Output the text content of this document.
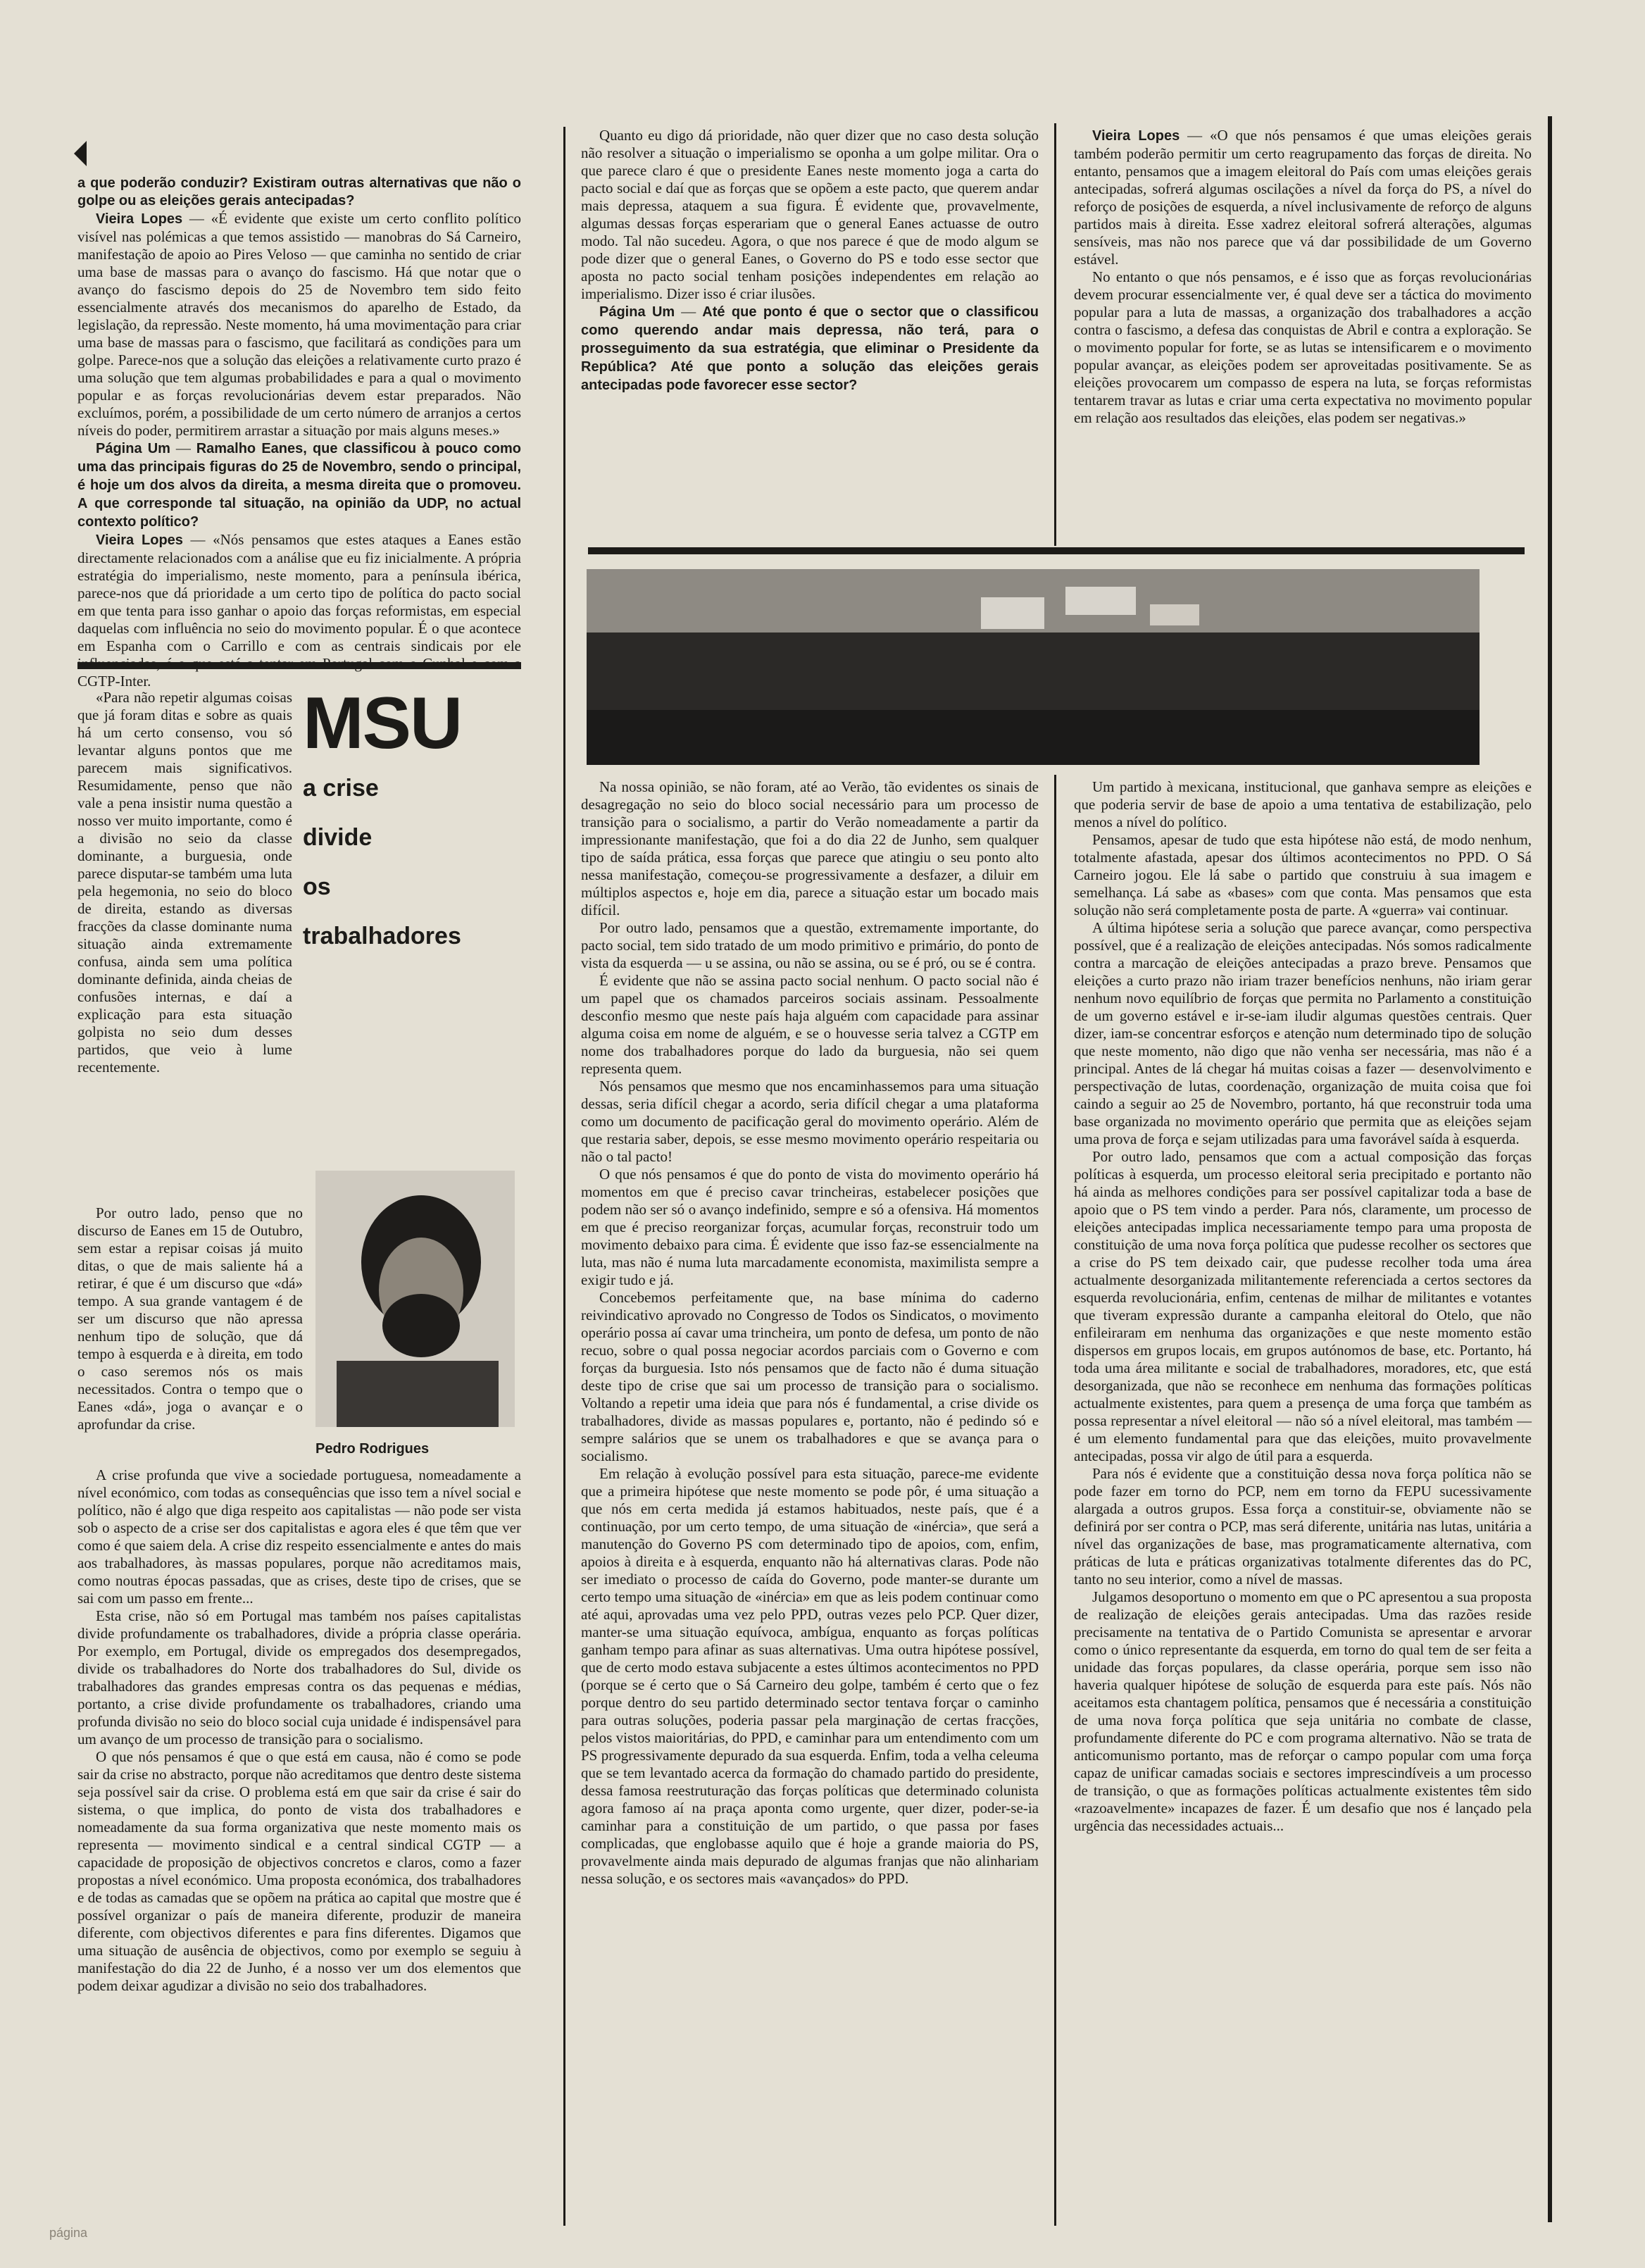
a que poderão conduzir? Existiram outras alternativas que não o golpe ou as eleições gerais antecipadas?

Vieira Lopes — «É evidente que existe um certo conflito político visível nas polémicas a que temos assistido — manobras do Sá Carneiro, manifestação de apoio ao Pires Veloso — que caminha no sentido de criar uma base de massas para o avanço do fascismo. Há que notar que o avanço do fascismo depois do 25 de Novembro tem sido feito essencialmente através dos mecanismos do aparelho de Estado, da legislação, da repressão. Neste momento, há uma movimentação para criar uma base de massas para o fascismo, que facilitará as condições para um golpe. Parece-nos que a solução das eleições a relativamente curto prazo é uma solução que tem algumas probabilidades e para a qual o movimento popular e as forças revolucionárias devem estar preparados. Não excluímos, porém, a possibilidade de um certo número de arranjos a certos níveis do poder, permitirem arrastar a situação por mais alguns meses.»

Página Um — Ramalho Eanes, que classificou à pouco como uma das principais figuras do 25 de Novembro, sendo o principal, é hoje um dos alvos da direita, a mesma direita que o promoveu. A que corresponde tal situação, na opinião da UDP, no actual contexto político?

Vieira Lopes — «Nós pensamos que estes ataques a Eanes estão directamente relacionados com a análise que eu fiz inicialmente. A própria estratégia do imperialismo, neste momento, para a península ibérica, parece-nos que dá prioridade a um certo tipo de política do pacto social em que tenta para isso ganhar o apoio das forças reformistas, em especial daquelas com influência no seio do movimento popular. É o que acontece em Espanha com o Carrillo e com as centrais sindicais por ele influenciadas, é o que está a tentar em Portugal com o Cunhal e com a CGTP-Inter.

Quanto eu digo dá prioridade, não quer dizer que no caso desta solução não resolver a situação o imperialismo se oponha a um golpe militar. Ora o que parece claro é que o presidente Eanes neste momento joga a carta do pacto social e daí que as forças que se opõem a este pacto, que querem andar mais depressa, ataquem a sua figura. É evidente que, provavelmente, algumas dessas forças esperariam que o general Eanes actuasse de outro modo. Tal não sucedeu. Agora, o que nos parece é que de modo algum se pode dizer que o general Eanes, o Governo do PS e todo esse sector que aposta no pacto social tenham posições independentes em relação ao imperialismo. Dizer isso é criar ilusões.

Página Um — Até que ponto é que o sector que o classificou como querendo andar mais depressa, não terá, para o prosseguimento da sua estratégia, que eliminar o Presidente da República? Até que ponto a solução das eleições gerais antecipadas pode favorecer esse sector?

Vieira Lopes — «O que nós pensamos é que umas eleições gerais também poderão permitir um certo reagrupamento das forças de direita. No entanto, pensamos que a imagem eleitoral do País com umas eleições gerais antecipadas, sofrerá algumas oscilações a nível da força do PS, a nível do reforço de posições de esquerda, a nível inclusivamente de reforço de alguns partidos mais à direita. Esse xadrez eleitoral sofrerá alterações, algumas sensíveis, mas não nos parece que vá dar possibilidade de um Governo estável.

No entanto o que nós pensamos, e é isso que as forças revolucionárias devem procurar essencialmente ver, é qual deve ser a táctica do movimento popular para a luta de massas, a organização dos trabalhadores a acção contra o fascismo, a defesa das conquistas de Abril e contra a exploração. Se o movimento popular for forte, se as lutas se intensificarem e o movimento popular avançar, as eleições podem ser aproveitadas positivamente. Se as eleições provocarem um compasso de espera na luta, se forças reformistas tentarem travar as lutas e criar uma certa expectativa no movimento popular em relação aos resultados das eleições, elas podem ser negativas.»

MSU
a crise
divide
os
trabalhadores
Pedro Rodrigues

«Para não repetir algumas coisas que já foram ditas e sobre as quais há um certo consenso, vou só levantar alguns pontos que me parecem mais significativos. Resumidamente, penso que não vale a pena insistir numa questão a nosso ver muito importante, como é a divisão no seio da classe dominante, a burguesia, onde parece disputar-se também uma luta pela hegemonia, no seio do bloco de direita, estando as diversas fracções da classe dominante numa situação ainda extremamente confusa, ainda sem uma política dominante definida, ainda cheias de confusões internas, e daí a explicação para esta situação golpista no seio dum desses partidos, que veio à lume recentemente.

Por outro lado, penso que no discurso de Eanes em 15 de Outubro, sem estar a repisar coisas já muito ditas, o que de mais saliente há a retirar, é que é um discurso que «dá» tempo. A sua grande vantagem é de ser um discurso que não apressa nenhum tipo de solução, que dá tempo à esquerda e à direita, em todo o caso seremos nós os mais necessitados. Contra o tempo que o Eanes «dá», joga o avançar e o aprofundar da crise.

A crise profunda que vive a sociedade portuguesa, nomeadamente a nível económico, com todas as consequências que isso tem a nível social e político, não é algo que diga respeito aos capitalistas — não pode ser vista sob o aspecto de a crise ser dos capitalistas e agora eles é que têm que ver como é que saiem dela. A crise diz respeito essencialmente e antes do mais aos trabalhadores, às massas populares, porque não acreditamos mais, como noutras épocas passadas, que as crises, deste tipo de crises, que se sai com um passo em frente...

Esta crise, não só em Portugal mas também nos países capitalistas divide profundamente os trabalhadores, divide a própria classe operária. Por exemplo, em Portugal, divide os empregados dos desempregados, divide os trabalhadores do Norte dos trabalhadores do Sul, divide os trabalhadores das grandes empresas contra os das pequenas e médias, portanto, a crise divide profundamente os trabalhadores, criando uma profunda divisão no seio do bloco social cuja unidade é indispensável para um avanço de um processo de transição para o socialismo.

O que nós pensamos é que o que está em causa, não é como se pode sair da crise no abstracto, porque não acreditamos que dentro deste sistema seja possível sair da crise. O problema está em que sair da crise é sair do sistema, o que implica, do ponto de vista dos trabalhadores e nomeadamente da sua forma organizativa que neste momento mais os representa — movimento sindical e a central sindical CGTP — a capacidade de proposição de objectivos concretos e claros, como a fazer propostas a nível económico. Uma proposta económica, dos trabalhadores e de todas as camadas que se opõem na prática ao capital que mostre que é possível organizar o país de maneira diferente, produzir de maneira diferente, com objectivos diferentes e para fins diferentes. Digamos que uma situação de ausência de objectivos, como por exemplo se seguiu à manifestação do dia 22 de Junho, é a nosso ver um dos elementos que podem deixar agudizar a divisão no seio dos trabalhadores.

Na nossa opinião, se não foram, até ao Verão, tão evidentes os sinais de desagregação no seio do bloco social necessário para um processo de transição para o socialismo, a partir do Verão nomeadamente a partir da impressionante manifestação, que foi a do dia 22 de Junho, sem qualquer tipo de saída prática, essa forças que parece que atingiu o seu ponto alto nessa manifestação, começou-se progressivamente a desfazer, a diluir em múltiplos aspectos e, hoje em dia, parece a situação estar um bocado mais difícil.

Por outro lado, pensamos que a questão, extremamente importante, do pacto social, tem sido tratado de um modo primitivo e primário, do ponto de vista da esquerda — u se assina, ou não se assina, ou se é pró, ou se é contra.

É evidente que não se assina pacto social nenhum. O pacto social não é um papel que os chamados parceiros sociais assinam. Pessoalmente desconfio mesmo que neste país haja alguém com capacidade para assinar alguma coisa em nome de alguém, e se o houvesse seria talvez a CGTP em nome dos trabalhadores porque do lado da burguesia, não sei quem representa quem.

Nós pensamos que mesmo que nos encaminhassemos para uma situação dessas, seria difícil chegar a acordo, seria difícil chegar a uma plataforma como um documento de pacificação geral do movimento operário. Além de que restaria saber, depois, se esse mesmo movimento operário respeitaria ou não o tal pacto!

O que nós pensamos é que do ponto de vista do movimento operário há momentos em que é preciso cavar trincheiras, estabelecer posições que podem não ser só o avanço indefinido, sempre e só a ofensiva. Há momentos em que é preciso reorganizar forças, acumular forças, reconstruir todo um movimento debaixo para cima. É evidente que isso faz-se essencialmente na luta, mas não é numa luta marcadamente economista, maximilista sempre a exigir tudo e já.

Concebemos perfeitamente que, na base mínima do caderno reivindicativo aprovado no Congresso de Todos os Sindicatos, o movimento operário possa aí cavar uma trincheira, um ponto de defesa, um ponto de não recuo, sobre o qual possa negociar acordos parciais com o Governo e com forças da burguesia. Isto nós pensamos que de facto não é duma situação deste tipo de crise que sai um processo de transição para o socialismo. Voltando a repetir uma ideia que para nós é fundamental, a crise divide os trabalhadores, divide as massas populares e, portanto, não é pedindo só e sempre salários que se unem os trabalhadores e que se avança para o socialismo.

Em relação à evolução possível para esta situação, parece-me evidente que a primeira hipótese que neste momento se pode pôr, é uma situação a que nós em certa medida já estamos habituados, neste país, que é a continuação, por um certo tempo, de uma situação de «inércia», que será a manutenção do Governo PS com determinado tipo de apoios, com, enfim, apoios à direita e à esquerda, enquanto não há alternativas claras. Pode não ser imediato o processo de caída do Governo, pode manter-se durante um certo tempo uma situação de «inércia» em que as leis podem continuar como até aqui, aprovadas uma vez pelo PPD, outras vezes pelo PCP. Quer dizer, manter-se uma situação equívoca, ambígua, enquanto as forças políticas ganham tempo para afinar as suas alternativas. Uma outra hipótese possível, que de certo modo estava subjacente a estes últimos acontecimentos no PPD (porque se é certo que o Sá Carneiro deu golpe, também é certo que o fez porque dentro do seu partido determinado sector tentava forçar o caminho para outras soluções, poderia passar pela marginação de certas fracções, pelos vistos maioritárias, do PPD, e caminhar para um entendimento com um PS progressivamente depurado da sua esquerda. Enfim, toda a velha celeuma que se tem levantado acerca da formação do chamado partido do presidente, dessa famosa reestruturação das forças políticas que determinado colunista agora famoso aí na praça aponta como urgente, quer dizer, poder-se-ia caminhar para a constituição de um partido, o que passa por fases complicadas, que englobasse aquilo que é hoje a grande maioria do PS, provavelmente ainda mais depurado de algumas franjas que não alinhariam nessa solução, e os sectores mais «avançados» do PPD.

Um partido à mexicana, institucional, que ganhava sempre as eleições e que poderia servir de base de apoio a uma tentativa de estabilização, pelo menos a nível do político.

Pensamos, apesar de tudo que esta hipótese não está, de modo nenhum, totalmente afastada, apesar dos últimos acontecimentos no PPD. O Sá Carneiro jogou. Ele lá sabe o partido que construiu à sua imagem e semelhança. Lá sabe as «bases» com que conta. Mas pensamos que esta solução não será completamente posta de parte. A «guerra» vai continuar.

A última hipótese seria a solução que parece avançar, como perspectiva possível, que é a realização de eleições antecipadas. Nós somos radicalmente contra a marcação de eleições antecipadas a prazo breve. Pensamos que eleições a curto prazo não iriam trazer benefícios nenhuns, não iriam gerar nenhum novo equilíbrio de forças que permita no Parlamento a constituição de um governo estável e ir-se-iam iludir algumas questões centrais. Quer dizer, iam-se concentrar esforços e atenção num determinado tipo de solução que neste momento, não digo que não venha ser necessária, mas não é a principal. Antes de lá chegar há muitas coisas a fazer — desenvolvimento e perspectivação de lutas, coordenação, organização de muita coisa que foi caindo a seguir ao 25 de Novembro, portanto, há que reconstruir toda uma base organizada no movimento operário que permita que as eleições sejam uma prova de força e sejam utilizadas para uma favorável saída à esquerda.

Por outro lado, pensamos que com a actual composição das forças políticas à esquerda, um processo eleitoral seria precipitado e portanto não há ainda as melhores condições para ser possível capitalizar toda a base de apoio que o PS tem vindo a perder. Para nós, claramente, um processo de eleições antecipadas implica necessariamente tempo para uma proposta de constituição de uma nova força política que pudesse recolher os sectores que a crise do PS tem deixado cair, que pudesse recolher toda uma área actualmente desorganizada militantemente referenciada a certos sectores da esquerda revolucionária, enfim, centenas de milhar de militantes e votantes que tiveram expressão durante a campanha eleitoral do Otelo, que não enfileiraram em nenhuma das organizações e que neste momento estão dispersos em grupos locais, em grupos autónomos de base, etc. Portanto, há toda uma área militante e social de trabalhadores, moradores, etc, que está desorganizada, que não se reconhece em nenhuma das formações políticas actualmente existentes, para quem a presença de uma força que também as possa representar a nível eleitoral — não só a nível eleitoral, mas também — é um elemento fundamental para que das eleições, muito provavelmente antecipadas, possa vir algo de útil para a esquerda.

Para nós é evidente que a constituição dessa nova força política não se pode fazer em torno do PCP, nem em torno da FEPU sucessivamente alargada a outros grupos. Essa força a constituir-se, obviamente não se definirá por ser contra o PCP, mas será diferente, unitária nas lutas, unitária a nível das organizações de base, mas programaticamente alternativa, com práticas de luta e práticas organizativas totalmente diferentes das do PC, tanto no seu interior, como a nível de massas.

Julgamos desoportuno o momento em que o PC apresentou a sua proposta de realização de eleições gerais antecipadas. Uma das razões reside precisamente na tentativa de o Partido Comunista se apresentar e arvorar como o único representante da esquerda, em torno do qual tem de ser feita a unidade das forças populares, da classe operária, porque sem isso não haveria qualquer hipótese de solução de esquerda para este país. Nós não aceitamos esta chantagem política, pensamos que é necessária a constituição de uma nova força política que seja unitária no combate de classe, profundamente diferente do PC e com programa alternativo. Não se trata de anticomunismo portanto, mas de reforçar o campo popular com uma força capaz de unificar camadas sociais e sectores imprescindíveis a um processo de transição, o que as formações políticas actualmente existentes têm sido «razoavelmente» incapazes de fazer. É um desafio que nos é lançado pela urgência das necessidades actuais...

página
